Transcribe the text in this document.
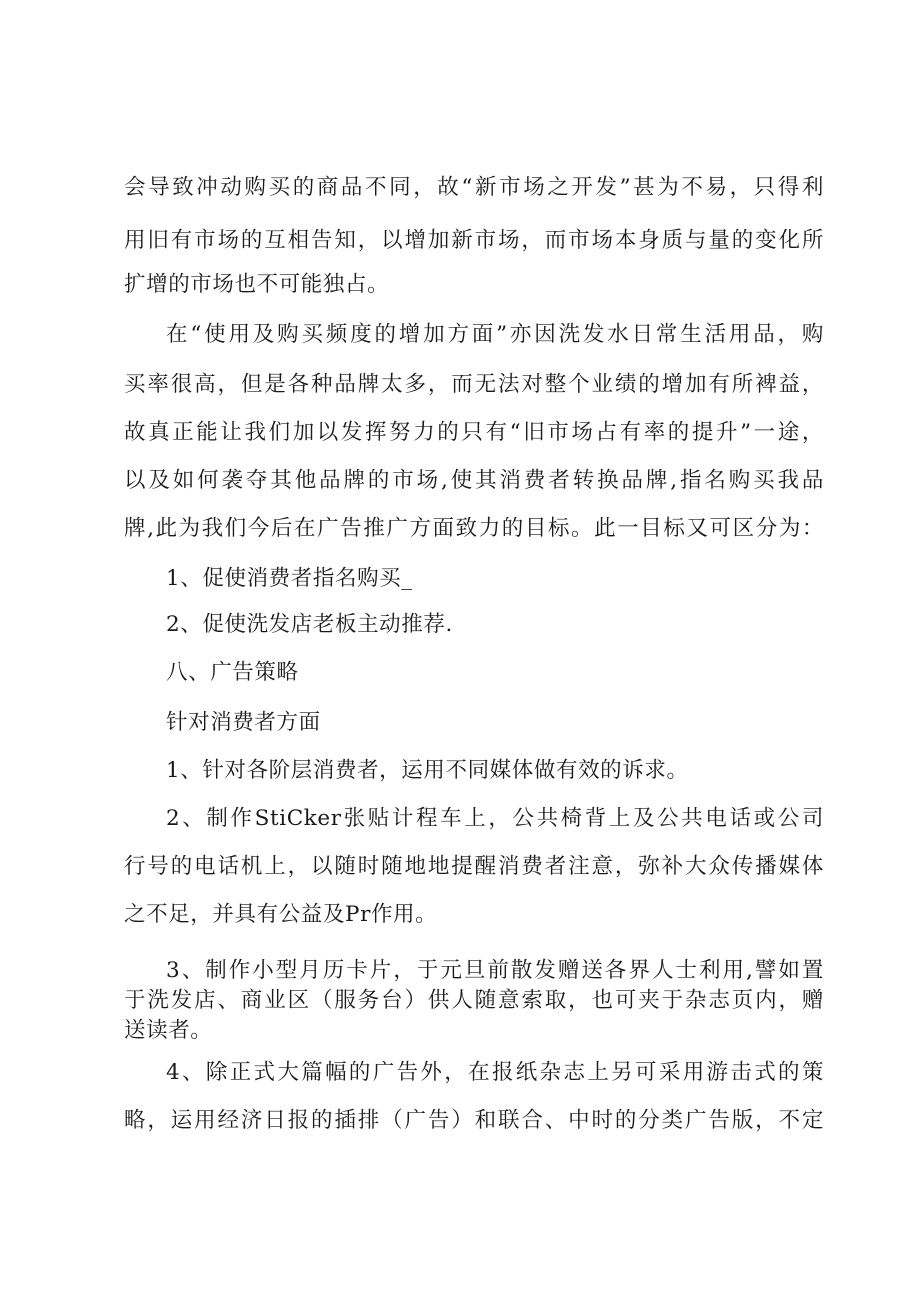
会导致冲动购买的商品不同，故“新市场之开发”甚为不易，只得利
用旧有市场的互相告知，以增加新市场，而市场本身质与量的变化所
扩增的市场也不可能独占。
在“使用及购买频度的增加方面”亦因洗发水日常生活用品，购
买率很高，但是各种品牌太多，而无法对整个业绩的增加有所裨益，
故真正能让我们加以发挥努力的只有“旧市场占有率的提升”一途，
以及如何袭夺其他品牌的市场,使其消费者转换品牌,指名购买我品
牌,此为我们今后在广告推广方面致力的目标。此一目标又可区分为：
1、促使消费者指名购买_
2、促使洗发店老板主动推荐.
八、广告策略
针对消费者方面
1、针对各阶层消费者，运用不同媒体做有效的诉求。
2、制作StiCker张贴计程车上，公共椅背上及公共电话或公司
行号的电话机上，以随时随地地提醒消费者注意，弥补大众传播媒体
之不足，并具有公益及Pr作用。
3、制作小型月历卡片，于元旦前散发赠送各界人士利用,譬如置
于洗发店、商业区（服务台）供人随意索取，也可夹于杂志页内，赠
送读者。
4、除正式大篇幅的广告外，在报纸杂志上另可采用游击式的策
略，运用经济日报的插排（广告）和联合、中时的分类广告版，不定
